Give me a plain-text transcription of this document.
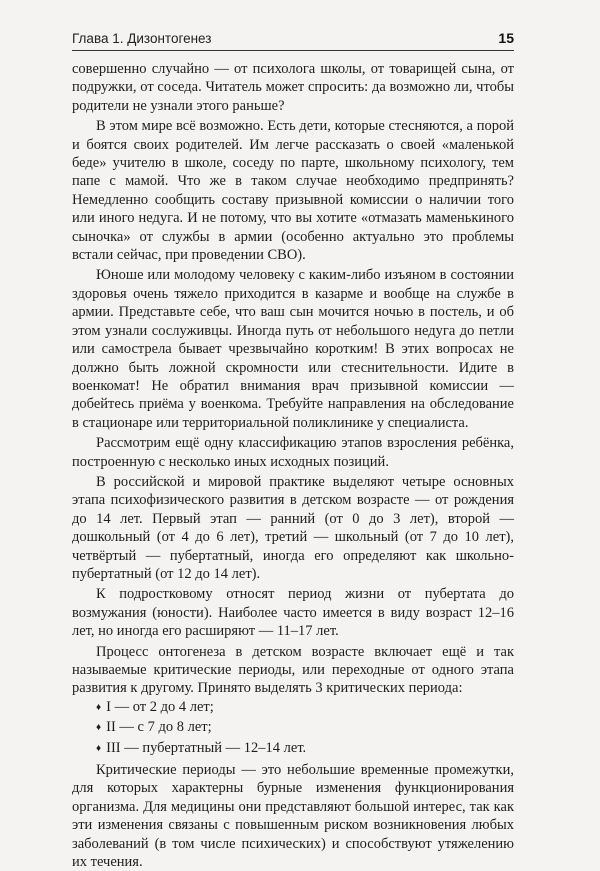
Глава 1. Дизонтогенез	15

совершенно случайно — от психолога школы, от товарищей сына, от подружки, от соседа. Читатель может спросить: да возможно ли, чтобы родители не узнали этого раньше?

В этом мире всё возможно. Есть дети, которые стесняются, а порой и боятся своих родителей. Им легче рассказать о своей «маленькой беде» учителю в школе, соседу по парте, школьному психологу, тем папе с мамой. Что же в таком случае необходимо предпринять? Немедленно сообщить составу призывной комиссии о наличии того или иного недуга. И не потому, что вы хотите «отмазать маменькиного сыночка» от службы в армии (особенно актуально это проблемы встали сейчас, при проведении СВО).

Юноше или молодому человеку с каким-либо изъяном в состоянии здоровья очень тяжело приходится в казарме и вообще на службе в армии. Представьте себе, что ваш сын мочится ночью в постель, и об этом узнали сослуживцы. Иногда путь от небольшого недуга до петли или самострела бывает чрезвычайно коротким! В этих вопросах не должно быть ложной скромности или стеснительности. Идите в военкомат! Не обратил внимания врач призывной комиссии — добейтесь приёма у военкома. Требуйте направления на обследование в стационаре или территориальной поликлинике у специалиста.

Рассмотрим ещё одну классификацию этапов взросления ребёнка, построенную с несколько иных исходных позиций.

В российской и мировой практике выделяют четыре основных этапа психофизического развития в детском возрасте — от рождения до 14 лет. Первый этап — ранний (от 0 до 3 лет), второй — дошкольный (от 4 до 6 лет), третий — школьный (от 7 до 10 лет), четвёртый — пубертатный, иногда его определяют как школьно-пубертатный (от 12 до 14 лет).

К подростковому относят период жизни от пубертата до возмужания (юности). Наиболее часто имеется в виду возраст 12–16 лет, но иногда его расширяют — 11–17 лет.

Процесс онтогенеза в детском возрасте включает ещё и так называемые критические периоды, или переходные от одного этапа развития к другому. Принято выделять 3 критических периода:

♦ I — от 2 до 4 лет;
♦ II — с 7 до 8 лет;
♦ III — пубертатный — 12–14 лет.

Критические периоды — это небольшие временные промежутки, для которых характерны бурные изменения функционирования организма. Для медицины они представляют большой интерес, так как эти изменения связаны с повышенным риском возникновения любых заболеваний (в том числе психических) и способствуют утяжелению их течения.
